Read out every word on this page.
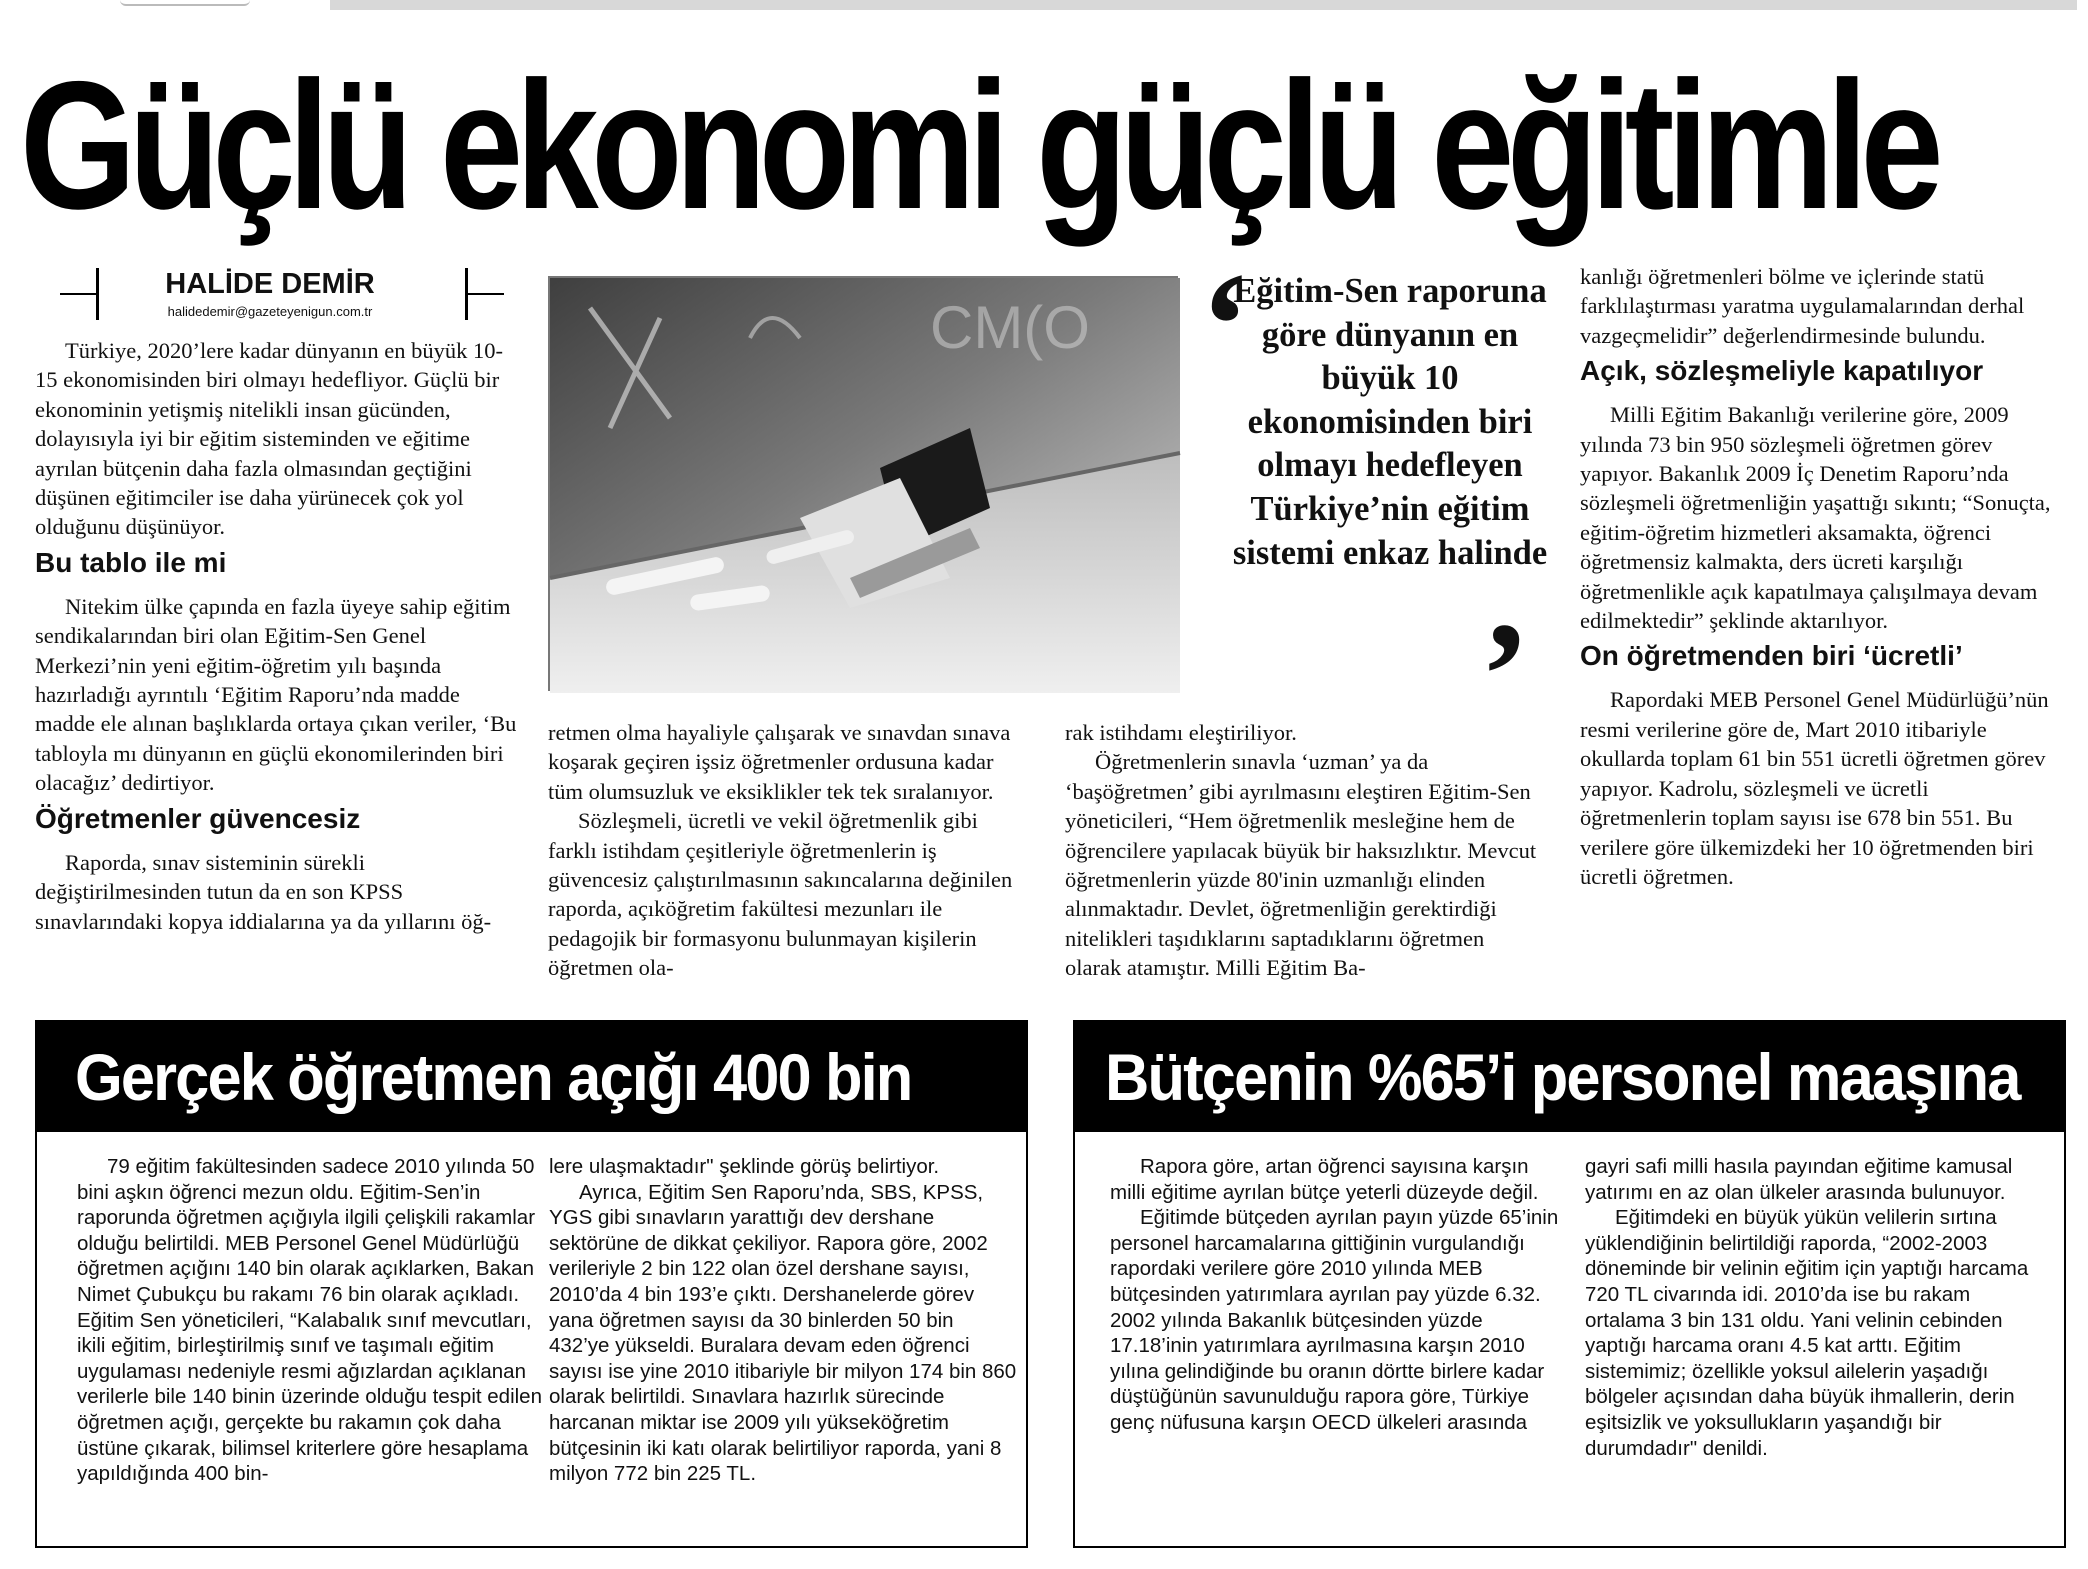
Güçlü ekonomi güçlü eğitimle
HALİDE DEMİR
halidedemir@gazeteyenigun.com.tr

Türkiye, 2020’lere kadar dünyanın en büyük 10-15 ekonomisinden biri olmayı hedefliyor. Güçlü bir ekonominin yetişmiş nitelikli insan gücünden, dolayısıyla iyi bir eğitim sisteminden ve eğitime ayrılan bütçenin daha fazla olmasından geçtiğini düşünen eğitimciler ise daha yürünecek çok yol olduğunu düşünüyor.

Bu tablo ile mi

Nitekim ülke çapında en fazla üyeye sahip eğitim sendikalarından biri olan Eğitim-Sen Genel Merkezi’nin yeni eğitim-öğretim yılı başında hazırladığı ayrıntılı ‘Eğitim Raporu’nda madde madde ele alınan başlıklarda ortaya çıkan veriler, ‘Bu tabloyla mı dünyanın en güçlü ekonomilerinden biri olacağız’ dedirtiyor.

Öğretmenler güvencesiz

Raporda, sınav sisteminin sürekli değiştirilmesinden tutun da en son KPSS sınavlarındaki kopya iddialarına ya da yıllarını öğ-

CM(O ‘
Eğitim-Sen raporuna göre dünyanın en büyük 10 ekonomisinden biri olmayı hedefleyen Türkiye’nin eğitim sistemi enkaz halinde
’

retmen olma hayaliyle çalışarak ve sınavdan sınava koşarak geçiren işsiz öğretmenler ordusuna kadar tüm olumsuzluk ve eksiklikler tek tek sıralanıyor.

Sözleşmeli, ücretli ve vekil öğretmenlik gibi farklı istihdam çeşitleriyle öğretmenlerin iş güvencesiz çalıştırılmasının sakıncalarına değinilen raporda, açıköğretim fakültesi mezunları ile pedagojik bir formasyonu bulunmayan kişilerin öğretmen ola-

rak istihdamı eleştiriliyor.

Öğretmenlerin sınavla ‘uzman’ ya da ‘başöğretmen’ gibi ayrılmasını eleştiren Eğitim-Sen yöneticileri, “Hem öğretmenlik mesleğine hem de öğrencilere yapılacak büyük bir haksızlıktır. Mevcut öğretmenlerin yüzde 80'inin uzmanlığı elinden alınmaktadır. Devlet, öğretmenliğin gerektirdiği nitelikleri taşıdıklarını saptadıklarını öğretmen olarak atamıştır. Milli Eğitim Ba-

kanlığı öğretmenleri bölme ve içlerinde statü farklılaştırması yaratma uygulamalarından derhal vazgeçmelidir” değerlendirmesinde bulundu.

Açık, sözleşmeliyle kapatılıyor

Milli Eğitim Bakanlığı verilerine göre, 2009 yılında 73 bin 950 sözleşmeli öğretmen görev yapıyor. Bakanlık 2009 İç Denetim Raporu’nda sözleşmeli öğretmenliğin yaşattığı sıkıntı; “Sonuçta, eğitim-öğretim hizmetleri aksamakta, öğrenci öğretmensiz kalmakta, ders ücreti karşılığı öğretmenlikle açık kapatılmaya çalışılmaya devam edilmektedir” şeklinde aktarılıyor.

On öğretmenden biri ‘ücretli’

Rapordaki MEB Personel Genel Müdürlüğü’nün resmi verilerine göre de, Mart 2010 itibariyle okullarda toplam 61 bin 551 ücretli öğretmen görev yapıyor. Kadrolu, sözleşmeli ve ücretli öğretmenlerin toplam sayısı ise 678 bin 551. Bu verilere göre ülkemizdeki her 10 öğretmenden biri ücretli öğretmen.

Gerçek öğretmen açığı 400 bin

79 eğitim fakültesinden sadece 2010 yılında 50 bini aşkın öğrenci mezun oldu. Eğitim-Sen’in raporunda öğretmen açığıyla ilgili çelişkili rakamlar olduğu belirtildi. MEB Personel Genel Müdürlüğü öğretmen açığını 140 bin olarak açıklarken, Bakan Nimet Çubukçu bu rakamı 76 bin olarak açıkladı. Eğitim Sen yöneticileri, “Kalabalık sınıf mevcutları, ikili eğitim, birleştirilmiş sınıf ve taşımalı eğitim uygulaması nedeniyle resmi ağızlardan açıklanan verilerle bile 140 binin üzerinde olduğu tespit edilen öğretmen açığı, gerçekte bu rakamın çok daha üstüne çıkarak, bilimsel kriterlere göre hesaplama yapıldığında 400 bin-

lere ulaşmaktadır" şeklinde görüş belirtiyor.

Ayrıca, Eğitim Sen Raporu’nda, SBS, KPSS, YGS gibi sınavların yarattığı dev dershane sektörüne de dikkat çekiliyor. Rapora göre, 2002 verileriyle 2 bin 122 olan özel dershane sayısı, 2010’da 4 bin 193’e çıktı. Dershanelerde görev yana öğretmen sayısı da 30 binlerden 50 bin 432’ye yükseldi. Buralara devam eden öğrenci sayısı ise yine 2010 itibariyle bir milyon 174 bin 860 olarak belirtildi. Sınavlara hazırlık sürecinde harcanan miktar ise 2009 yılı yükseköğretim bütçesinin iki katı olarak belirtiliyor raporda, yani 8 milyon 772 bin 225 TL.

Bütçenin %65’i personel maaşına

Rapora göre, artan öğrenci sayısına karşın milli eğitime ayrılan bütçe yeterli düzeyde değil.

Eğitimde bütçeden ayrılan payın yüzde 65’inin personel harcamalarına gittiğinin vurgulandığı rapordaki verilere göre 2010 yılında MEB bütçesinden yatırımlara ayrılan pay yüzde 6.32. 2002 yılında Bakanlık bütçesinden yüzde 17.18’inin yatırımlara ayrılmasına karşın 2010 yılına gelindiğinde bu oranın dörtte birlere kadar düştüğünün savunulduğu rapora göre, Türkiye genç nüfusuna karşın OECD ülkeleri arasında

gayri safi milli hasıla payından eğitime kamusal yatırımı en az olan ülkeler arasında bulunuyor.

Eğitimdeki en büyük yükün velilerin sırtına yüklendiğinin belirtildiği raporda, “2002-2003 döneminde bir velinin eğitim için yaptığı harcama 720 TL civarında idi. 2010’da ise bu rakam ortalama 3 bin 131 oldu. Yani velinin cebinden yaptığı harcama oranı 4.5 kat arttı. Eğitim sistemimiz; özellikle yoksul ailelerin yaşadığı bölgeler açısından daha büyük ihmallerin, derin eşitsizlik ve yoksullukların yaşandığı bir durumdadır" denildi.
